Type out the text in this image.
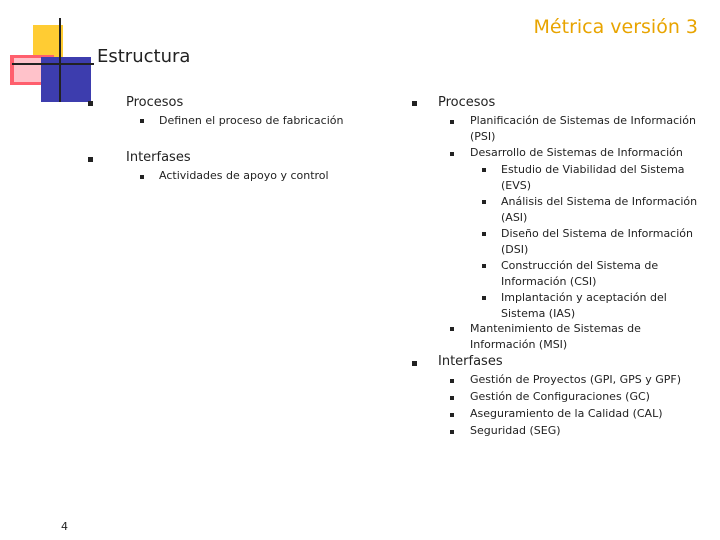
Métrica versión 3
Estructura
Procesos
Definen el proceso de fabricación
Interfases
Actividades de apoyo y control
Procesos
Planificación de Sistemas de Información (PSI)
Desarrollo de Sistemas de Información
Estudio de Viabilidad del Sistema (EVS)
Análisis del Sistema de Información (ASI)
Diseño del Sistema de Información (DSI)
Construcción del Sistema de Información (CSI)
Implantación y aceptación del Sistema (IAS)
Mantenimiento de Sistemas de Información (MSI)
Interfases
Gestión de Proyectos (GPI, GPS y GPF)
Gestión de Configuraciones (GC)
Aseguramiento de la Calidad (CAL)
Seguridad (SEG)
4
